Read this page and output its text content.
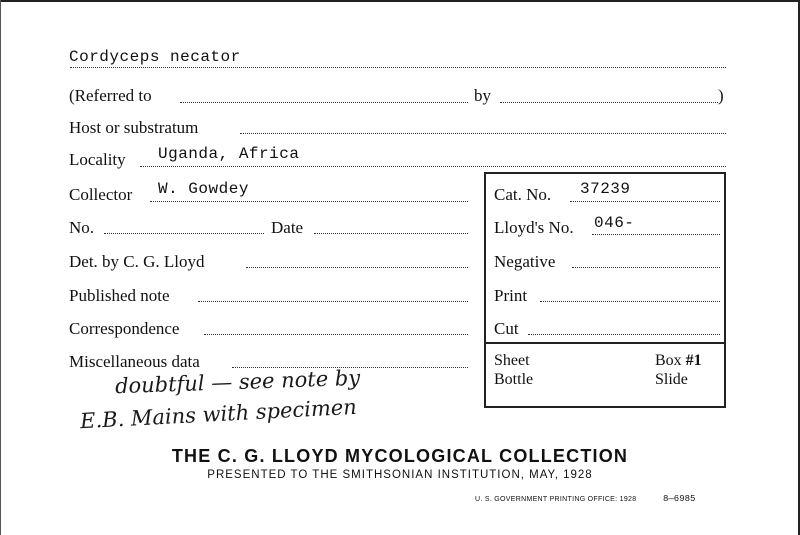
Cordyceps necator
(Referred to	by	)
Host or substratum
Locality Uganda, Africa
Collector W. Gowdey
No.	Date
Det. by C. G. Lloyd
Published note
Correspondence
Miscellaneous data
doubtful — see note by
E.B. Mains with specimen
Cat. No. 37239
Lloyd's No. 046-
Negative
Print
Cut
Sheet
Bottle
Box #1
Slide
THE C. G. LLOYD MYCOLOGICAL COLLECTION
PRESENTED TO THE SMITHSONIAN INSTITUTION, MAY, 1928
U. S. GOVERNMENT PRINTING OFFICE: 1928	8—6985
